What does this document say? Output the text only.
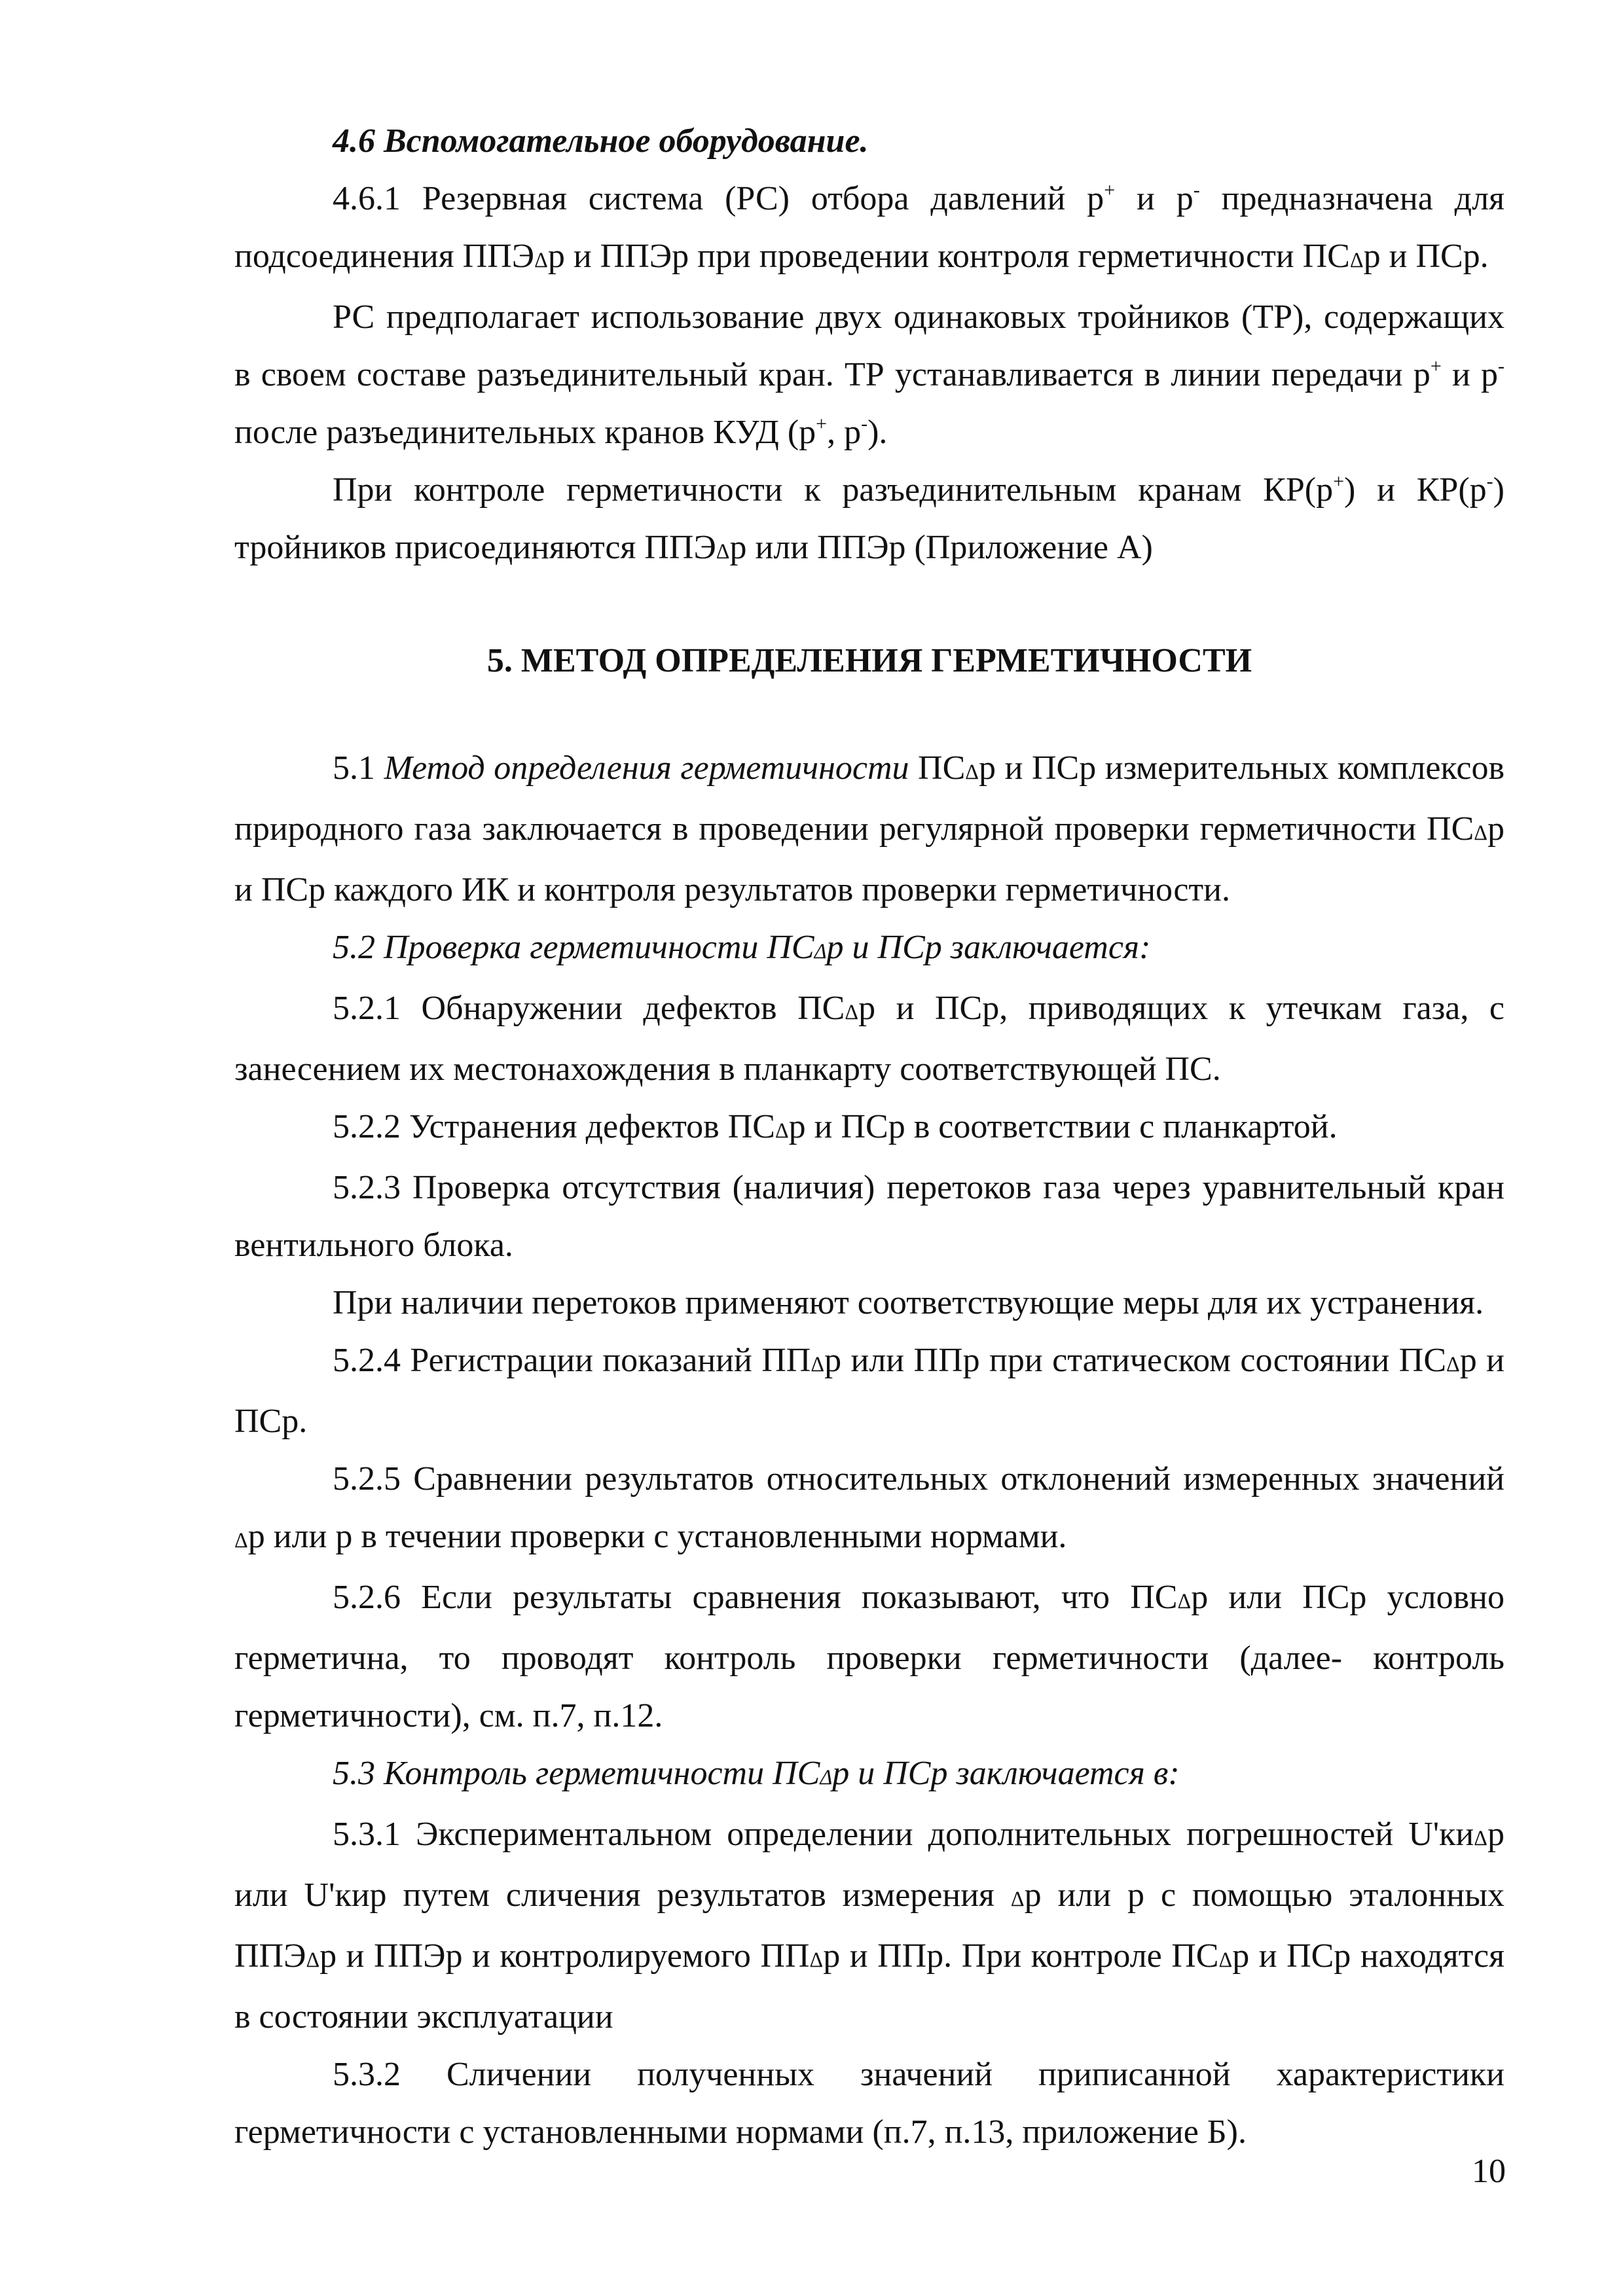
4.6 Вспомогательное оборудование.

4.6.1 Резервная система (РС) отбора давлений р+ и р- предназначена для подсоединения ППЭΔр и ППЭр при проведении контроля герметичности ПСΔр и ПСр.

РС предполагает использование двух одинаковых тройников (ТР), содержащих в своем составе разъединительный кран. ТР устанавливается в линии передачи р+ и р- после разъединительных кранов КУД (р+, р-).

При контроле герметичности к разъединительным кранам КР(р+) и КР(р-) тройников присоединяются ППЭΔр или ППЭр (Приложение А)

5. МЕТОД ОПРЕДЕЛЕНИЯ ГЕРМЕТИЧНОСТИ

5.1 Метод определения герметичности ПСΔр и ПСр измерительных комплексов природного газа заключается в проведении регулярной проверки герметичности ПСΔр и ПСр каждого ИК и контроля результатов проверки герметичности.

5.2 Проверка герметичности ПСΔр и ПСр заключается:

5.2.1 Обнаружении дефектов ПСΔр и ПСр, приводящих к утечкам газа, с занесением их местонахождения в планкарту соответствующей ПС.

5.2.2 Устранения дефектов ПСΔр и ПСр в соответствии с планкартой.

5.2.3 Проверка отсутствия (наличия) перетоков газа через уравнительный кран вентильного блока.

При наличии перетоков применяют соответствующие меры для их устранения.

5.2.4 Регистрации показаний ППΔр или ППр при статическом состоянии ПСΔр и ПСр.

5.2.5 Сравнении результатов относительных отклонений измеренных значений Δр или р в течении проверки с установленными нормами.

5.2.6 Если результаты сравнения показывают, что ПСΔр или ПСр условно герметична, то проводят контроль проверки герметичности (далее- контроль герметичности), см. п.7, п.12.

5.3 Контроль герметичности ПСΔр и ПСр заключается в:

5.3.1 Экспериментальном определении дополнительных погрешностей U'киΔр или U'кир путем сличения результатов измерения Δр или р с помощью эталонных ППЭΔр и ППЭр и контролируемого ППΔр и ППр. При контроле ПСΔр и ПСр находятся в состоянии эксплуатации

5.3.2 Сличении полученных значений приписанной характеристики герметичности с установленными нормами (п.7, п.13, приложение Б).

10
